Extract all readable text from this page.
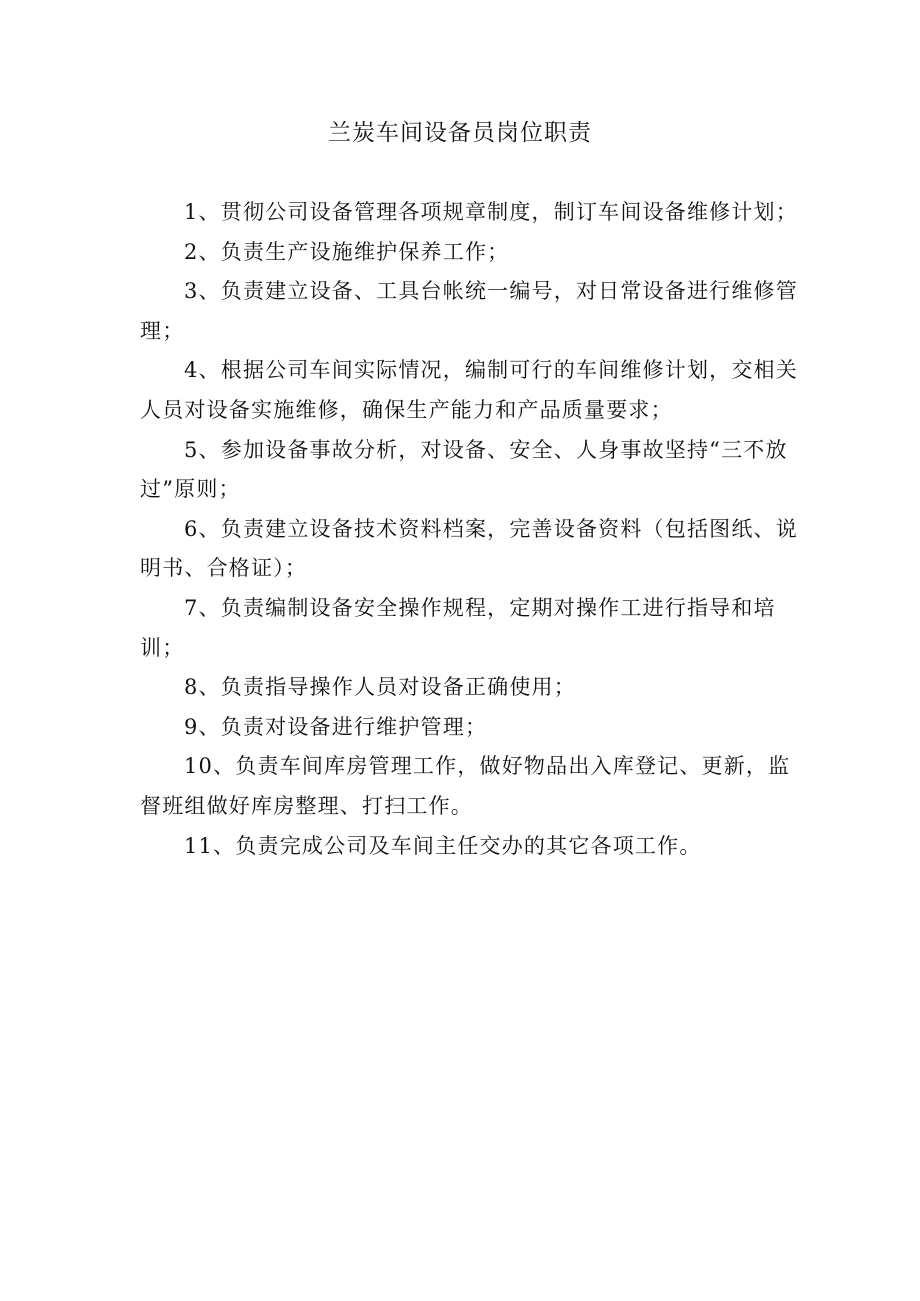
兰炭车间设备员岗位职责

1、贯彻公司设备管理各项规章制度，制订车间设备维修计划；

2、负责生产设施维护保养工作；

3、负责建立设备、工具台帐统一编号，对日常设备进行维修管理；

4、根据公司车间实际情况，编制可行的车间维修计划，交相关人员对设备实施维修，确保生产能力和产品质量要求；

5、参加设备事故分析，对设备、安全、人身事故坚持“三不放过”原则；

6、负责建立设备技术资料档案，完善设备资料（包括图纸、说明书、合格证）；

7、负责编制设备安全操作规程，定期对操作工进行指导和培训；

8、负责指导操作人员对设备正确使用；

9、负责对设备进行维护管理；

10、负责车间库房管理工作，做好物品出入库登记、更新，监督班组做好库房整理、打扫工作。

11、负责完成公司及车间主任交办的其它各项工作。
